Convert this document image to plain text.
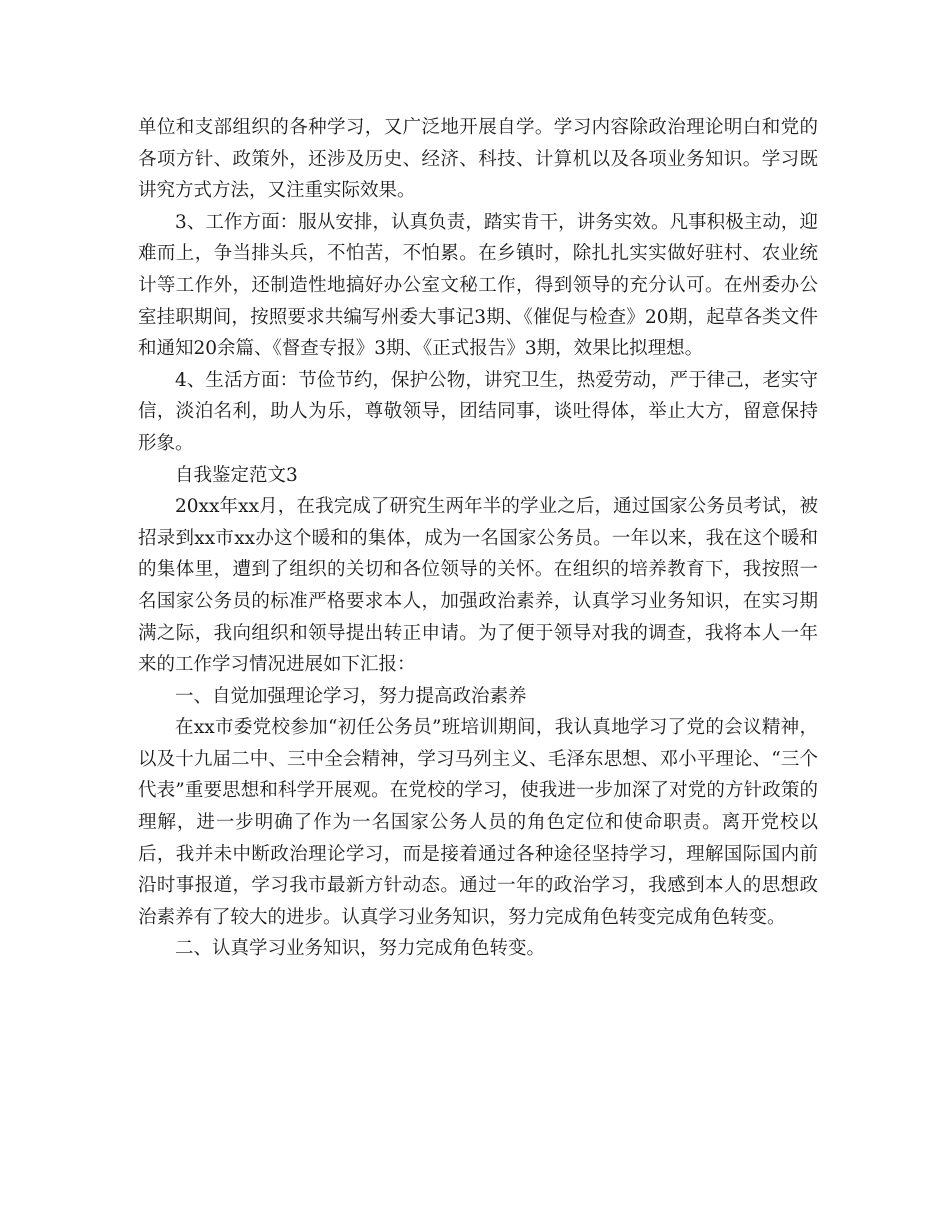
单位和支部组织的各种学习，又广泛地开展自学。学习内容除政治理论明白和党的各项方针、政策外，还涉及历史、经济、科技、计算机以及各项业务知识。学习既讲究方式方法，又注重实际效果。

3、工作方面：服从安排，认真负责，踏实肯干，讲务实效。凡事积极主动，迎难而上，争当排头兵，不怕苦，不怕累。在乡镇时，除扎扎实实做好驻村、农业统计等工作外，还制造性地搞好办公室文秘工作，得到领导的充分认可。在州委办公室挂职期间，按照要求共编写州委大事记3期、《催促与检查》20期，起草各类文件和通知20余篇、《督查专报》3期、《正式报告》3期，效果比拟理想。

4、生活方面：节俭节约，保护公物，讲究卫生，热爱劳动，严于律己，老实守信，淡泊名利，助人为乐，尊敬领导，团结同事，谈吐得体，举止大方，留意保持形象。

自我鉴定范文3

20xx年xx月，在我完成了研究生两年半的学业之后，通过国家公务员考试，被招录到xx市xx办这个暖和的集体，成为一名国家公务员。一年以来，我在这个暖和的集体里，遭到了组织的关切和各位领导的关怀。在组织的培养教育下，我按照一名国家公务员的标准严格要求本人，加强政治素养，认真学习业务知识，在实习期满之际，我向组织和领导提出转正申请。为了便于领导对我的调查，我将本人一年来的工作学习情况进展如下汇报：

一、自觉加强理论学习，努力提高政治素养

在xx市委党校参加“初任公务员”班培训期间，我认真地学习了党的会议精神，以及十九届二中、三中全会精神，学习马列主义、毛泽东思想、邓小平理论、“三个代表”重要思想和科学开展观。在党校的学习，使我进一步加深了对党的方针政策的理解，进一步明确了作为一名国家公务人员的角色定位和使命职责。离开党校以后，我并未中断政治理论学习，而是接着通过各种途径坚持学习，理解国际国内前沿时事报道，学习我市最新方针动态。通过一年的政治学习，我感到本人的思想政治素养有了较大的进步。认真学习业务知识，努力完成角色转变完成角色转变。

二、认真学习业务知识，努力完成角色转变。
